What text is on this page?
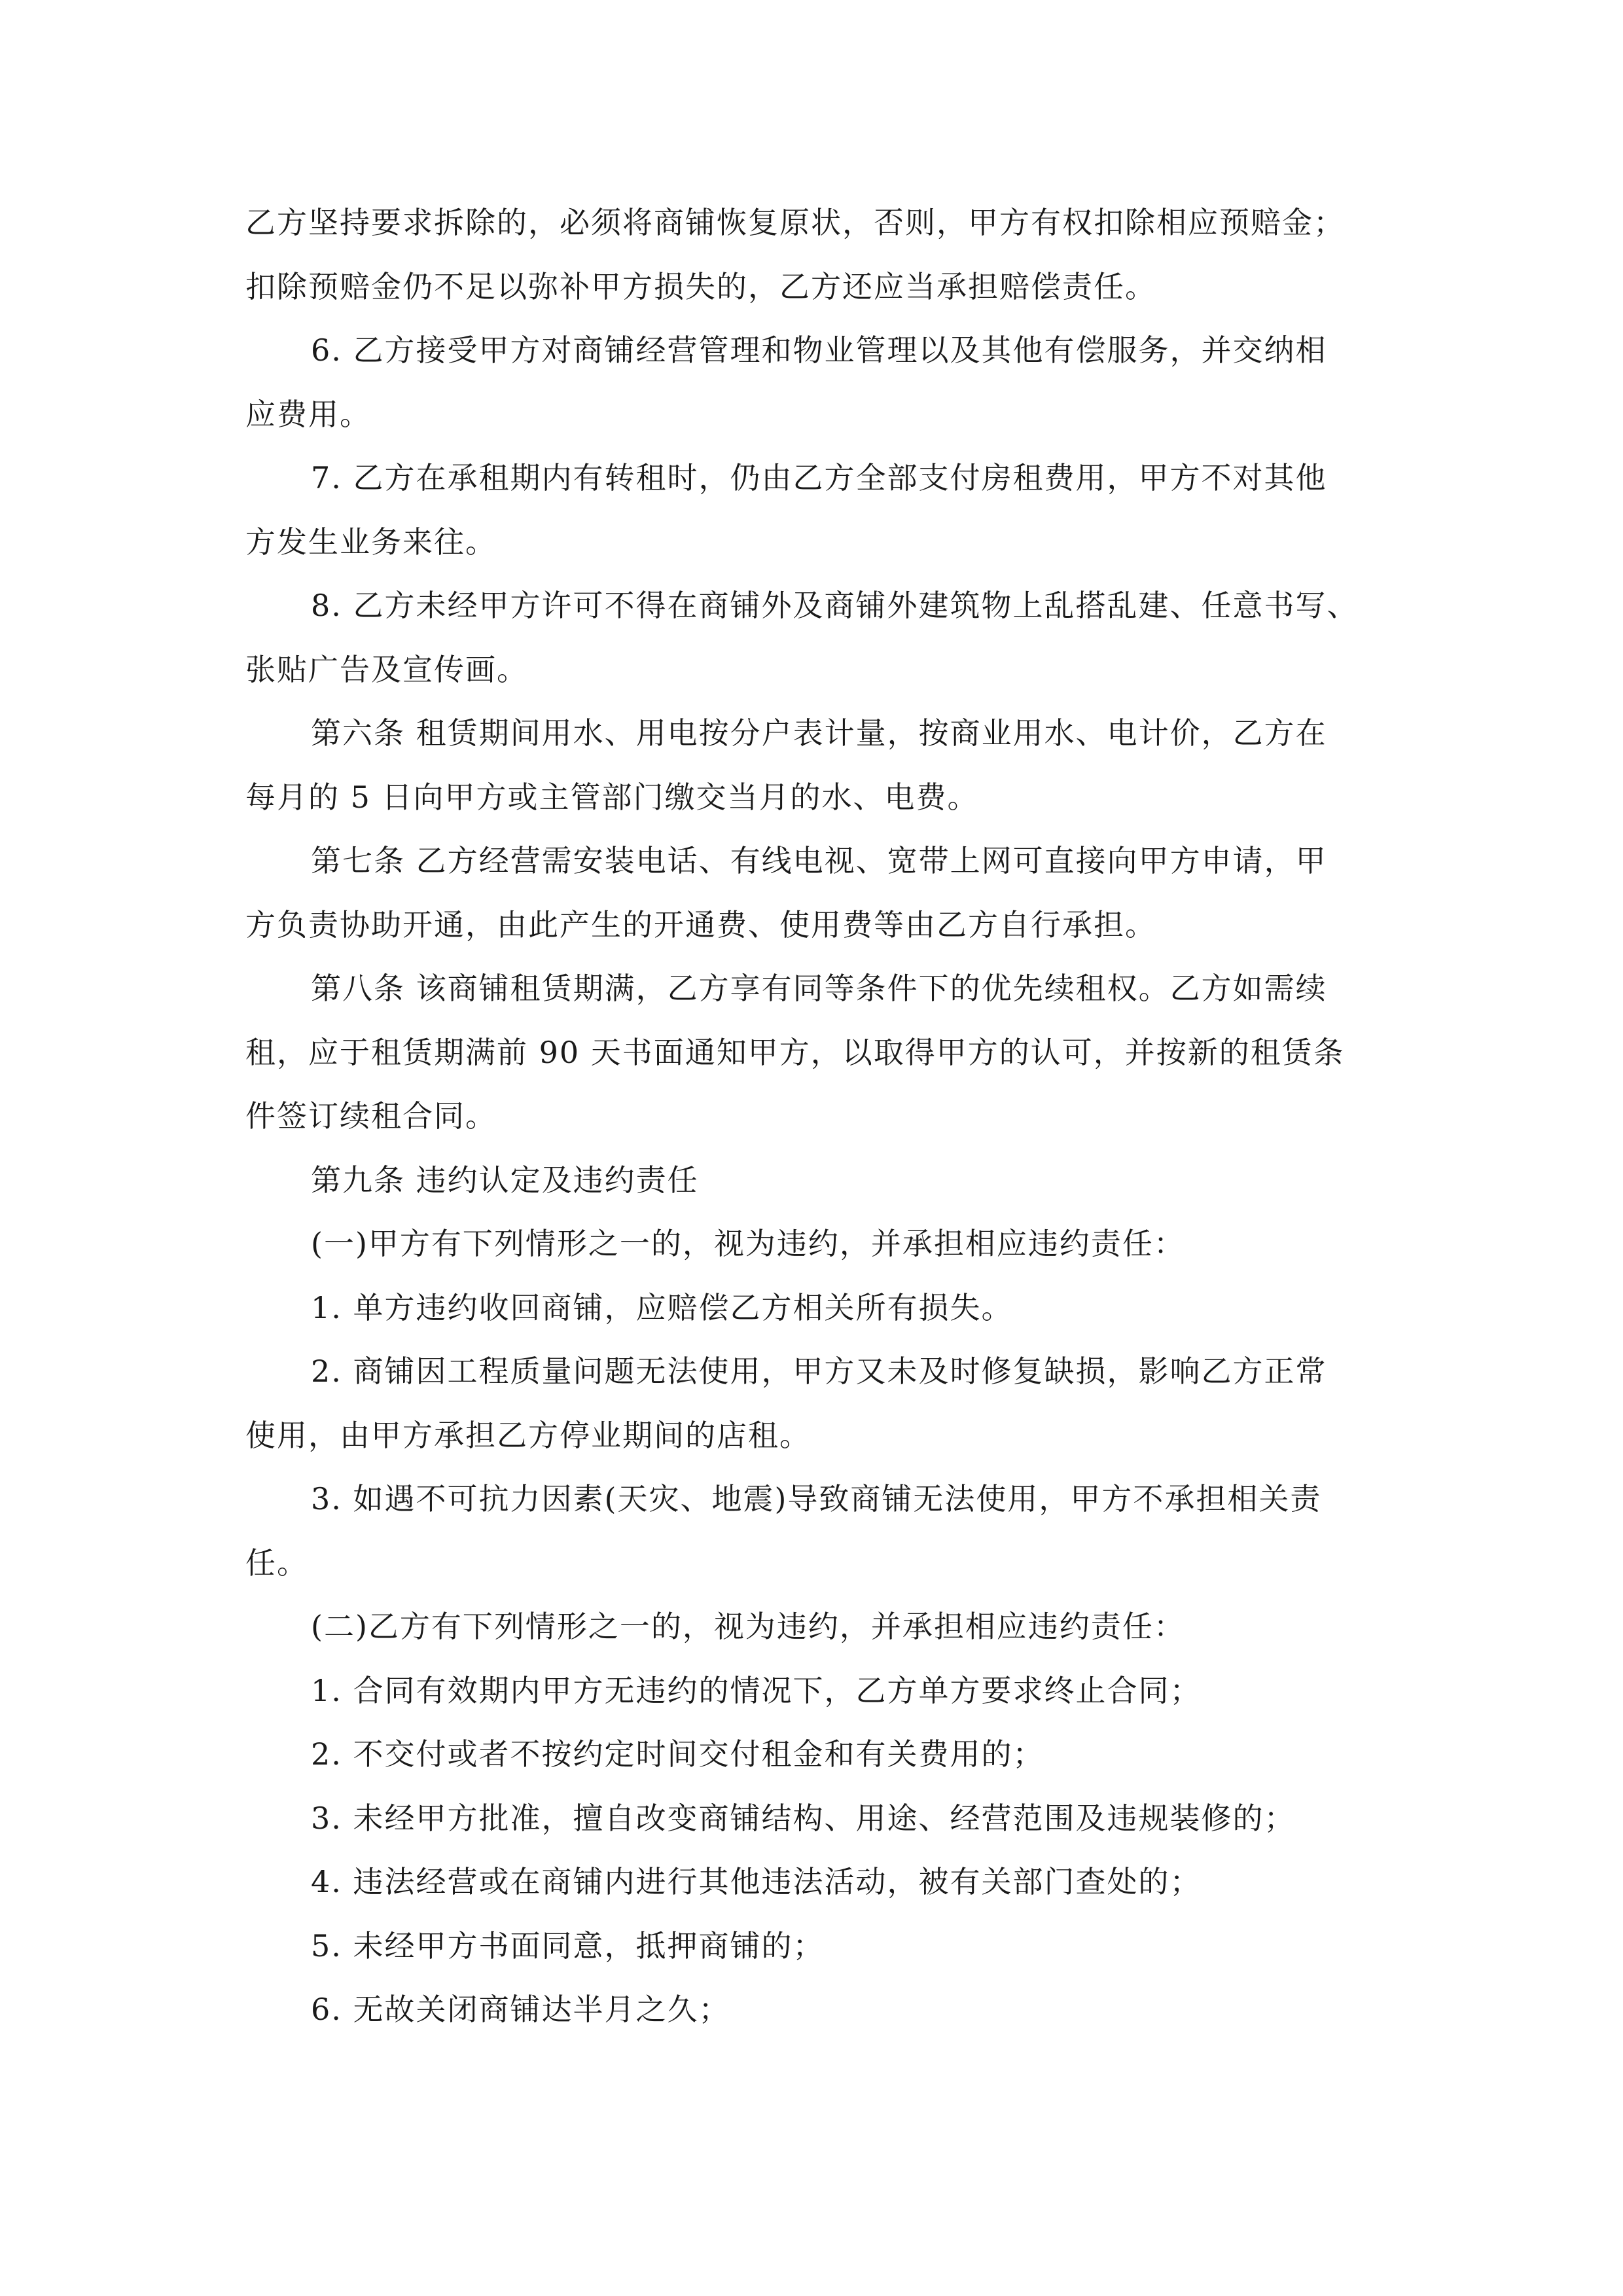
乙方坚持要求拆除的，必须将商铺恢复原状，否则，甲方有权扣除相应预赔金；

扣除预赔金仍不足以弥补甲方损失的，乙方还应当承担赔偿责任。

6. 乙方接受甲方对商铺经营管理和物业管理以及其他有偿服务，并交纳相

应费用。

7. 乙方在承租期内有转租时，仍由乙方全部支付房租费用，甲方不对其他

方发生业务来往。

8. 乙方未经甲方许可不得在商铺外及商铺外建筑物上乱搭乱建、任意书写、

张贴广告及宣传画。

第六条 租赁期间用水、用电按分户表计量，按商业用水、电计价，乙方在

每月的 5 日向甲方或主管部门缴交当月的水、电费。

第七条 乙方经营需安装电话、有线电视、宽带上网可直接向甲方申请，甲

方负责协助开通，由此产生的开通费、使用费等由乙方自行承担。

第八条 该商铺租赁期满，乙方享有同等条件下的优先续租权。乙方如需续

租，应于租赁期满前 90 天书面通知甲方，以取得甲方的认可，并按新的租赁条

件签订续租合同。

第九条 违约认定及违约责任

(一)甲方有下列情形之一的，视为违约，并承担相应违约责任：

1. 单方违约收回商铺，应赔偿乙方相关所有损失。

2. 商铺因工程质量问题无法使用，甲方又未及时修复缺损，影响乙方正常

使用，由甲方承担乙方停业期间的店租。

3. 如遇不可抗力因素(天灾、地震)导致商铺无法使用，甲方不承担相关责

任。

(二)乙方有下列情形之一的，视为违约，并承担相应违约责任：

1. 合同有效期内甲方无违约的情况下，乙方单方要求终止合同；

2. 不交付或者不按约定时间交付租金和有关费用的；

3. 未经甲方批准，擅自改变商铺结构、用途、经营范围及违规装修的；

4. 违法经营或在商铺内进行其他违法活动，被有关部门查处的；

5. 未经甲方书面同意，抵押商铺的；

6. 无故关闭商铺达半月之久；
